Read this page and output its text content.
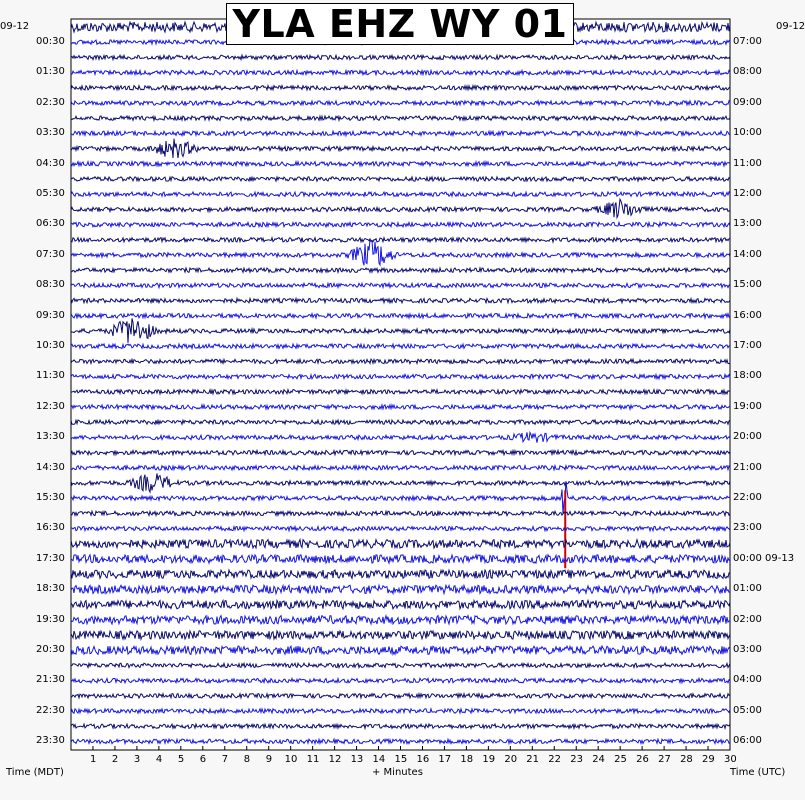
YLA EHZ WY 01
09-12
00:30
01:30
02:30
03:30
04:30
05:30
06:30
07:30
08:30
09:30
10:30
11:30
12:30
13:30
14:30
15:30
16:30
17:30
18:30
19:30
20:30
21:30
22:30
23:30
07:00
08:00
09:00
10:00
11:00
12:00
13:00
14:00
15:00
16:00
17:00
18:00
19:00
20:00
21:00
22:00
23:00
00:00 09-13
01:00
02:00
03:00
04:00
05:00
06:00
09-12
1 2 3 4 5 6 7 8 9 10 11 12 13 14 15 16 17 18 19 20 21 22 23 24 25 26 27 28 29 30
Time (MDT)	+ Minutes	Time (UTC)
